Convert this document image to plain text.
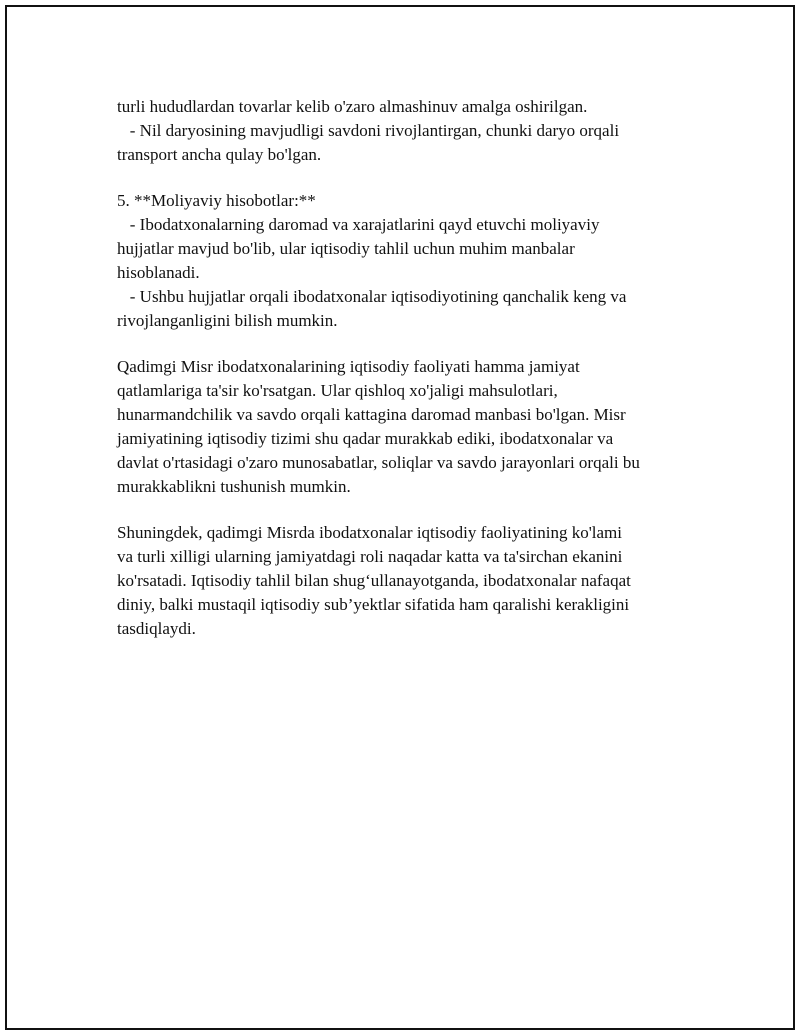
turli hududlardan tovarlar kelib o'zaro almashinuv amalga oshirilgan.
- Nil daryosining mavjudligi savdoni rivojlantirgan, chunki daryo orqali
transport ancha qulay bo'lgan.
5. **Moliyaviy hisobotlar:**
- Ibodatxonalarning daromad va xarajatlarini qayd etuvchi moliyaviy
hujjatlar mavjud bo'lib, ular iqtisodiy tahlil uchun muhim manbalar
hisoblanadi.
- Ushbu hujjatlar orqali ibodatxonalar iqtisodiyotining qanchalik keng va
rivojlanganligini bilish mumkin.
Qadimgi Misr ibodatxonalarining iqtisodiy faoliyati hamma jamiyat
qatlamlariga ta'sir ko'rsatgan. Ular qishloq xo'jaligi mahsulotlari,
hunarmandchilik va savdo orqali kattagina daromad manbasi bo'lgan. Misr
jamiyatining iqtisodiy tizimi shu qadar murakkab ediki, ibodatxonalar va
davlat o'rtasidagi o'zaro munosabatlar, soliqlar va savdo jarayonlari orqali bu
murakkablikni tushunish mumkin.
Shuningdek, qadimgi Misrda ibodatxonalar iqtisodiy faoliyatining ko'lami
va turli xilligi ularning jamiyatdagi roli naqadar katta va ta'sirchan ekanini
ko'rsatadi. Iqtisodiy tahlil bilan shug‘ullanayotganda, ibodatxonalar nafaqat
diniy, balki mustaqil iqtisodiy sub’yektlar sifatida ham qaralishi kerakligini
tasdiqlaydi.
